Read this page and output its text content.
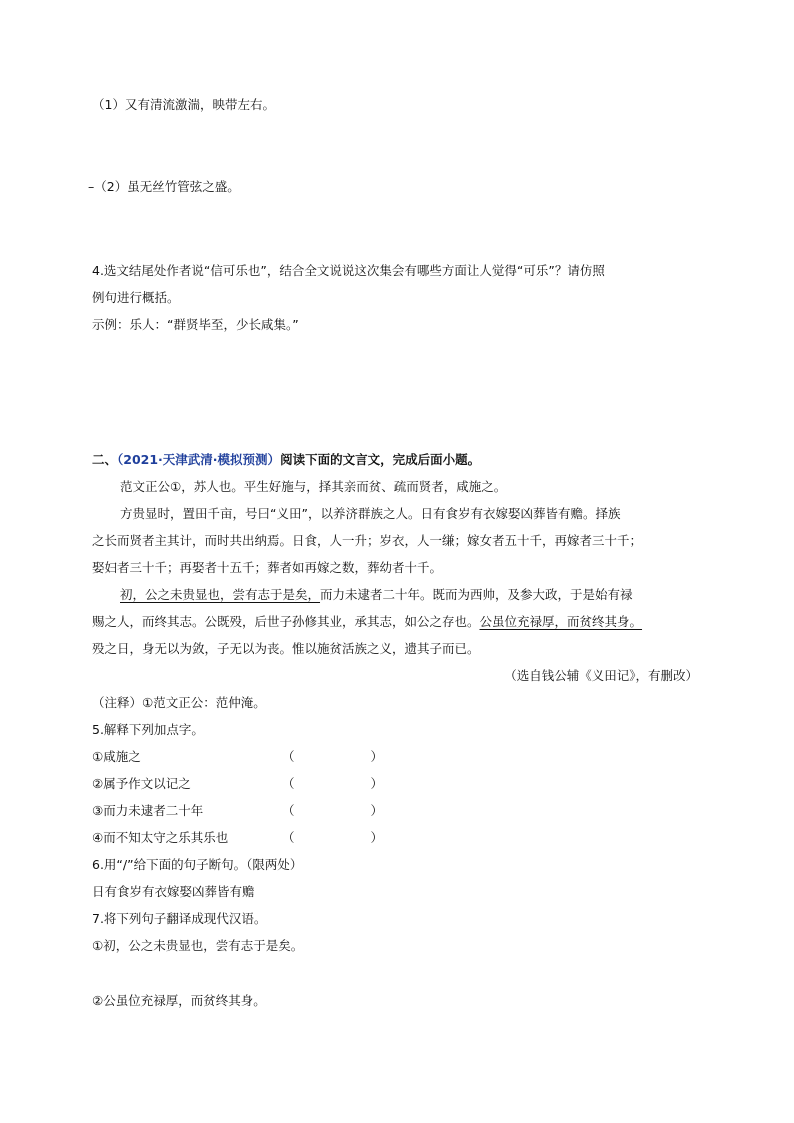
（1）又有清流激湍，映带左右。
–（2）虽无丝竹管弦之盛。
4.选文结尾处作者说“信可乐也”，结合全文说说这次集会有哪些方面让人觉得“可乐”？请仿照
例句进行概括。
示例：乐人：“群贤毕至，少长咸集。”
二、（2021·天津武清·模拟预测）阅读下面的文言文，完成后面小题。
范文正公①，苏人也。平生好施与，择其亲而贫、疏而贤者，咸施之。
方贵显时，置田千亩，号曰“义田”，以养济群族之人。日有食岁有衣嫁娶凶葬皆有赡。择族
之长而贤者主其计，而时共出纳焉。日食，人一升；岁衣，人一缣；嫁女者五十千，再嫁者三十千；
娶妇者三十千；再娶者十五千；葬者如再嫁之数，葬幼者十千。
初，公之未贵显也，尝有志于是矣，而力未逮者二十年。既而为西帅，及参大政，于是始有禄
赐之人，而终其志。公既殁，后世子孙修其业，承其志，如公之存也。公虽位充禄厚，而贫终其身。
殁之日，身无以为敛，子无以为丧。惟以施贫活族之义，遗其子而已。
（选自钱公辅《义田记》，有删改）
（注释）①范文正公：范仲淹。
5.解释下列加点字。
①咸施之	（	）
②属予作文以记之	（	）
③而力未逮者二十年	（	）
④而不知太守之乐其乐也	（	）
6.用“/”给下面的句子断句。（限两处）
日有食岁有衣嫁娶凶葬皆有赡
7.将下列句子翻译成现代汉语。
①初，公之未贵显也，尝有志于是矣。
②公虽位充禄厚，而贫终其身。
